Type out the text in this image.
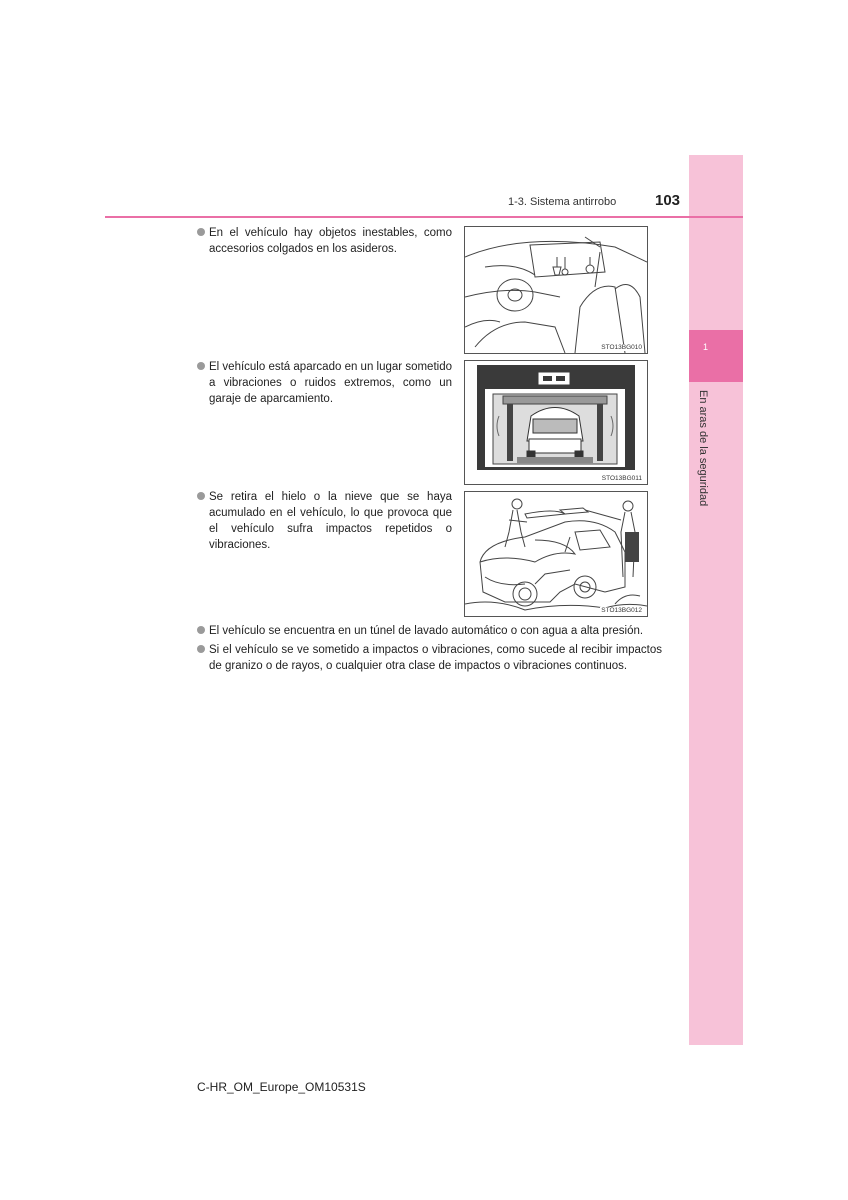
1
En aras de la seguridad
1-3. Sistema antirrobo	103
En el vehículo hay objetos inestables, como accesorios colgados en los asideros.
STO13BG010
El vehículo está aparcado en un lugar sometido a vibraciones o ruidos extremos, como un garaje de aparcamiento.
STO13BG011
Se retira el hielo o la nieve que se haya acumulado en el vehículo, lo que provoca que el vehículo sufra impactos repetidos o vibraciones.
STO13BG012
El vehículo se encuentra en un túnel de lavado automático o con agua a alta presión.
Si el vehículo se ve sometido a impactos o vibraciones, como sucede al recibir impactos de granizo o de rayos, o cualquier otra clase de impactos o vibraciones continuos.
C-HR_OM_Europe_OM10531S
